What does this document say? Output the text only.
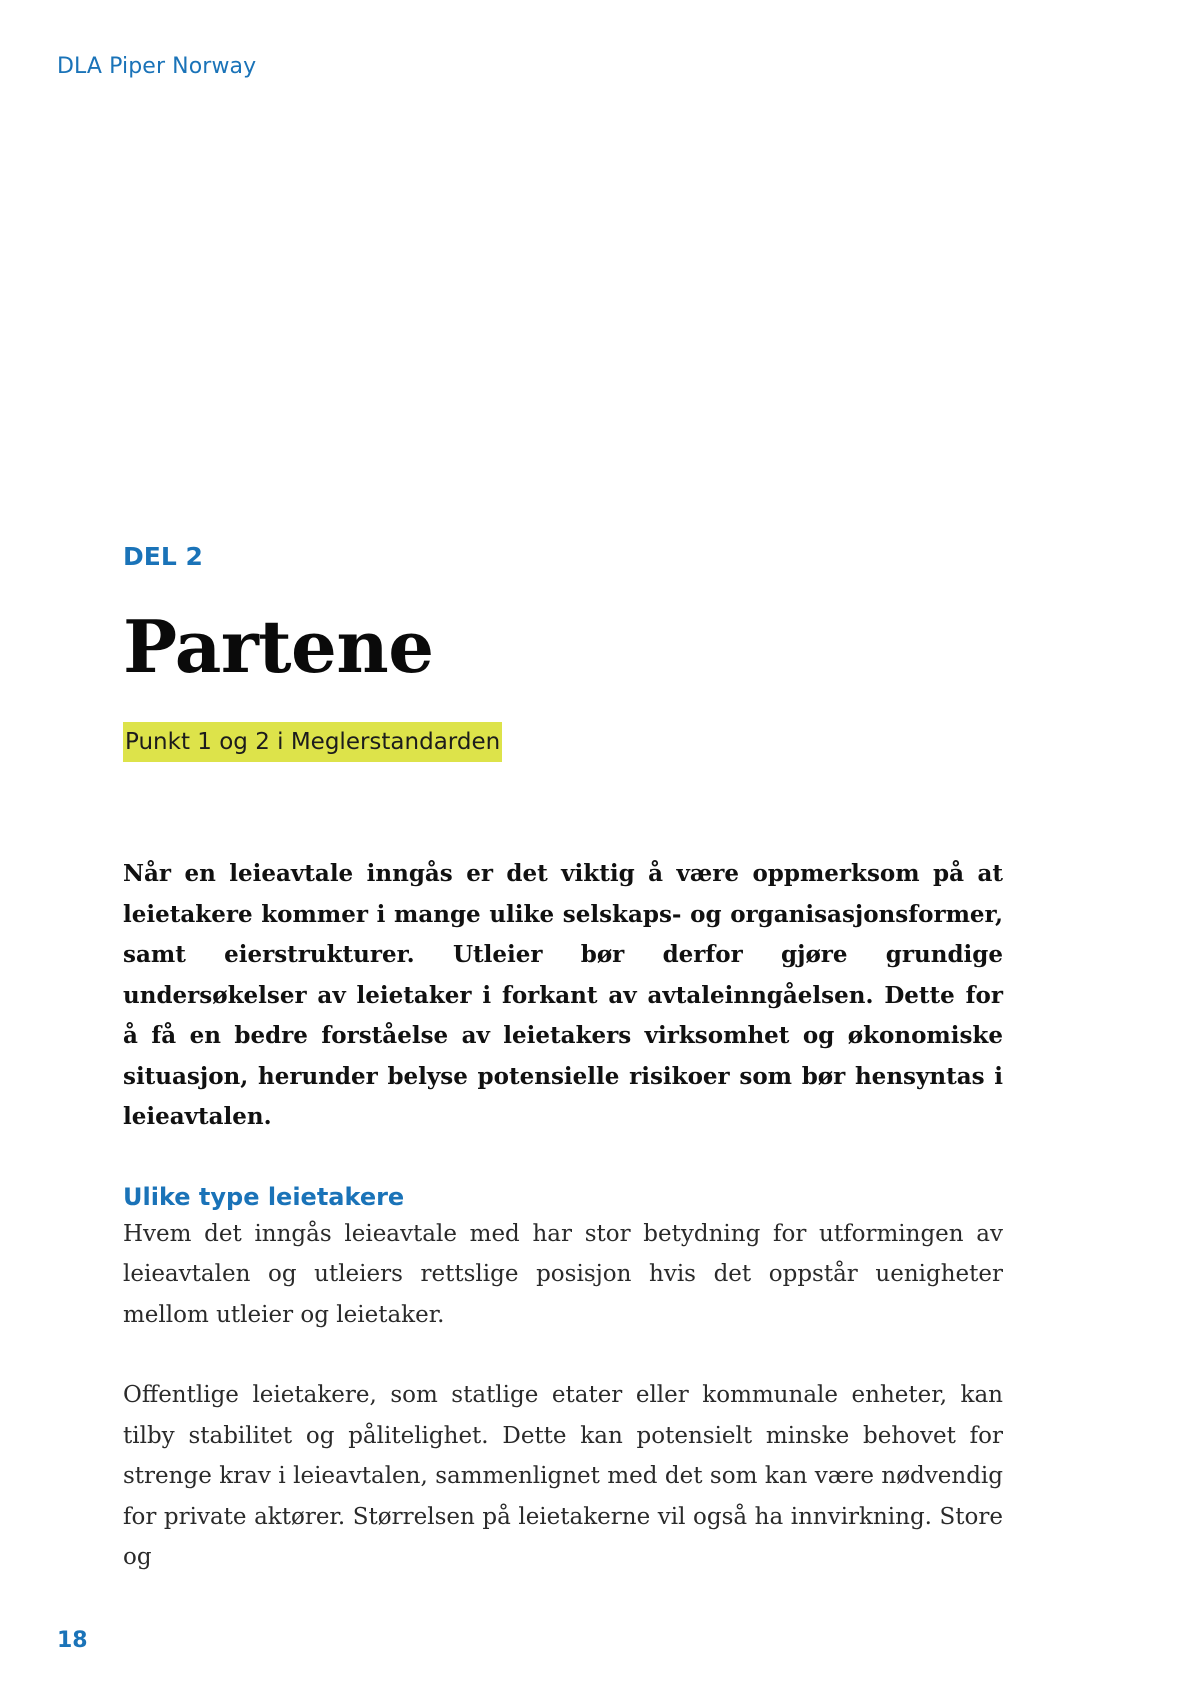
DLA Piper Norway
DEL 2
Partene
Punkt 1 og 2 i Meglerstandarden

Når en leieavtale inngås er det viktig å være oppmerksom på at leietakere kommer i mange ulike selskaps- og organisasjonsformer, samt eierstrukturer. Utleier bør derfor gjøre grundige undersøkelser av leietaker i forkant av avtaleinngåelsen. Dette for å få en bedre forståelse av leietakers virksomhet og økonomiske situasjon, herunder belyse potensielle risikoer som bør hensyntas i leieavtalen.

Ulike type leietakere

Hvem det inngås leieavtale med har stor betydning for utformingen av leieavtalen og utleiers rettslige posisjon hvis det oppstår uenigheter mellom utleier og leietaker.

Offentlige leietakere, som statlige etater eller kommunale enheter, kan tilby stabilitet og pålitelighet. Dette kan potensielt minske behovet for strenge krav i leieavtalen, sammenlignet med det som kan være nødvendig for private aktører. Størrelsen på leietakerne vil også ha innvirkning. Store og

18
